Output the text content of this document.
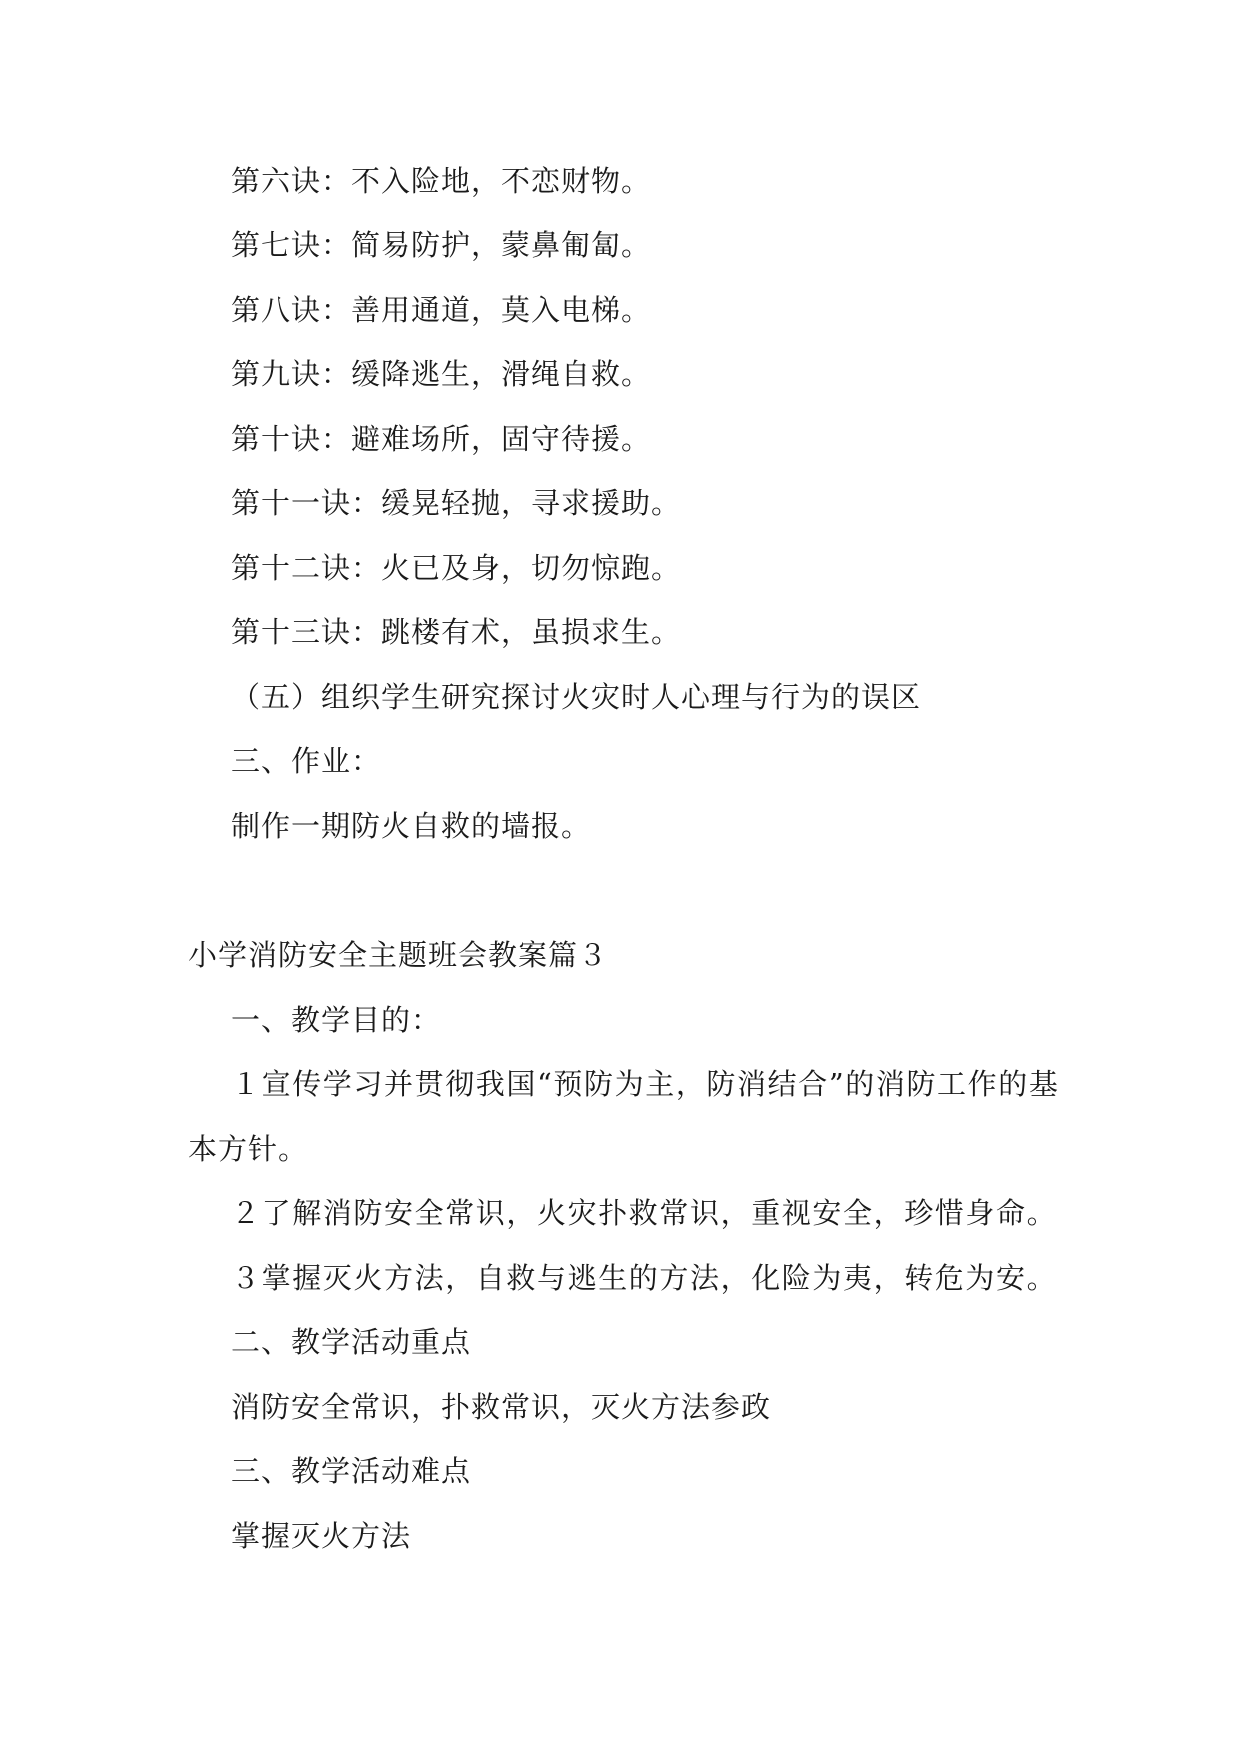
第六诀：不入险地，不恋财物。
第七诀：简易防护，蒙鼻匍匐。
第八诀：善用通道，莫入电梯。
第九诀：缓降逃生，滑绳自救。
第十诀：避难场所，固守待援。
第十一诀：缓晃轻抛，寻求援助。
第十二诀：火已及身，切勿惊跑。
第十三诀：跳楼有术，虽损求生。
（五）组织学生研究探讨火灾时人心理与行为的误区
三、作业：
制作一期防火自救的墙报。
小学消防安全主题班会教案篇３
一、教学目的：
１宣传学习并贯彻我国“预防为主，防消结合”的消防工作的基
本方针。
２了解消防安全常识，火灾扑救常识，重视安全，珍惜身命。
３掌握灭火方法，自救与逃生的方法，化险为夷，转危为安。
二、教学活动重点
消防安全常识，扑救常识，灭火方法参政
三、教学活动难点
掌握灭火方法
